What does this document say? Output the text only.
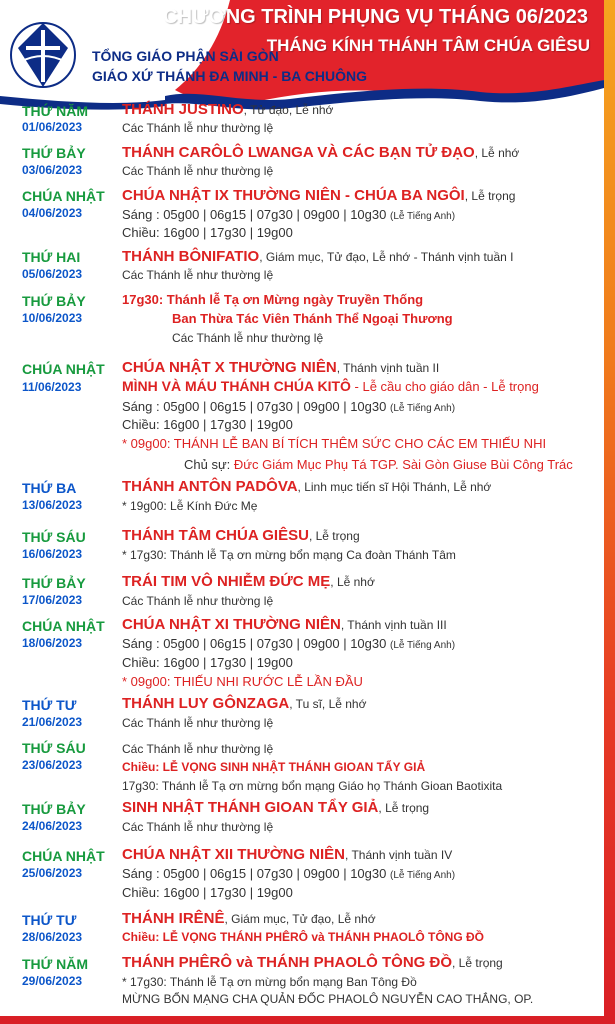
TỔNG GIÁO PHẬN SÀI GÒN
GIÁO XỨ THÁNH ĐA MINH - BA CHUÔNG
CHƯƠNG TRÌNH PHỤNG VỤ THÁNG 06/2023
THÁNG KÍNH THÁNH TÂM CHÚA GIÊSU
THỨ NĂM
01/06/2023
THÁNH JUSTINO, Tử đạo, Lễ nhớ
Các Thánh lễ như thường lệ
THỨ BẢY
03/06/2023
THÁNH CARÔLÔ LWANGA VÀ CÁC BẠN TỬ ĐẠO, Lễ nhớ
Các Thánh lễ như thường lệ
CHÚA NHẬT
04/06/2023
CHÚA NHẬT IX THƯỜNG NIÊN - CHÚA BA NGÔI, Lễ trọng
Sáng : 05g00 | 06g15 | 07g30 | 09g00 | 10g30 (Lễ Tiếng Anh)
Chiều: 16g00 | 17g30 | 19g00
THỨ HAI
05/06/2023
THÁNH BÔNIFATIO, Giám mục, Tử đạo, Lễ nhớ - Thánh vịnh tuần I
Các Thánh lễ như thường lệ
THỨ BẢY
10/06/2023
17g30: Thánh lễ Tạ ơn Mừng ngày Truyền Thống
Ban Thừa Tác Viên Thánh Thể Ngoại Thương
Các Thánh lễ như thường lệ
CHÚA NHẬT
11/06/2023
CHÚA NHẬT X THƯỜNG NIÊN, Thánh vịnh tuần II
MÌNH VÀ MÁU THÁNH CHÚA KITÔ - Lễ cầu cho giáo dân - Lễ trọng
Sáng : 05g00 | 06g15 | 07g30 | 09g00 | 10g30 (Lễ Tiếng Anh)
Chiều: 16g00 | 17g30 | 19g00
* 09g00: THÁNH LỄ BAN BÍ TÍCH THÊM SỨC CHO CÁC EM THIẾU NHI
Chủ sự: Đức Giám Mục Phụ Tá TGP. Sài Gòn Giuse Bùi Công Trác
THỨ BA
13/06/2023
THÁNH ANTÔN PADÔVA, Linh mục tiến sĩ Hội Thánh, Lễ nhớ
* 19g00: Lễ Kính Đức Mẹ
THỨ SÁU
16/06/2023
THÁNH TÂM CHÚA GIÊSU, Lễ trọng
* 17g30: Thánh lễ Tạ ơn mừng bổn mạng Ca đoàn Thánh Tâm
THỨ BẢY
17/06/2023
TRÁI TIM VÔ NHIỄM ĐỨC MẸ, Lễ nhớ
Các Thánh lễ như thường lệ
CHÚA NHẬT
18/06/2023
CHÚA NHẬT XI THƯỜNG NIÊN, Thánh vịnh tuần III
Sáng : 05g00 | 06g15 | 07g30 | 09g00 | 10g30 (Lễ Tiếng Anh)
Chiều: 16g00 | 17g30 | 19g00
* 09g00: THIẾU NHI RƯỚC LỄ LẦN ĐẦU
THỨ TƯ
21/06/2023
THÁNH LUY GÔNZAGA, Tu sĩ, Lễ nhớ
Các Thánh lễ như thường lệ
THỨ SÁU
23/06/2023
Các Thánh lễ như thường lệ
Chiều: LỄ VỌNG SINH NHẬT THÁNH GIOAN TẨY GIẢ
17g30: Thánh lễ Tạ ơn mừng bổn mạng Giáo họ Thánh Gioan Baotixita
THỨ BẢY
24/06/2023
SINH NHẬT THÁNH GIOAN TẨY GIẢ, Lễ trọng
Các Thánh lễ như thường lệ
CHÚA NHẬT
25/06/2023
CHÚA NHẬT XII THƯỜNG NIÊN, Thánh vịnh tuần IV
Sáng : 05g00 | 06g15 | 07g30 | 09g00 | 10g30 (Lễ Tiếng Anh)
Chiều: 16g00 | 17g30 | 19g00
THỨ TƯ
28/06/2023
THÁNH IRÊNÊ, Giám mục, Tử đạo, Lễ nhớ
Chiều: LỄ VỌNG THÁNH PHÊRÔ và THÁNH PHAOLÔ TÔNG ĐỒ
THỨ NĂM
29/06/2023
THÁNH PHÊRÔ và THÁNH PHAOLÔ TÔNG ĐỒ, Lễ trọng
* 17g30: Thánh lễ Tạ ơn mừng bổn mạng Ban Tông Đồ
MỪNG BỔN MẠNG CHA QUẢN ĐỐC PHAOLÔ NGUYỄN CAO THẮNG, OP.
